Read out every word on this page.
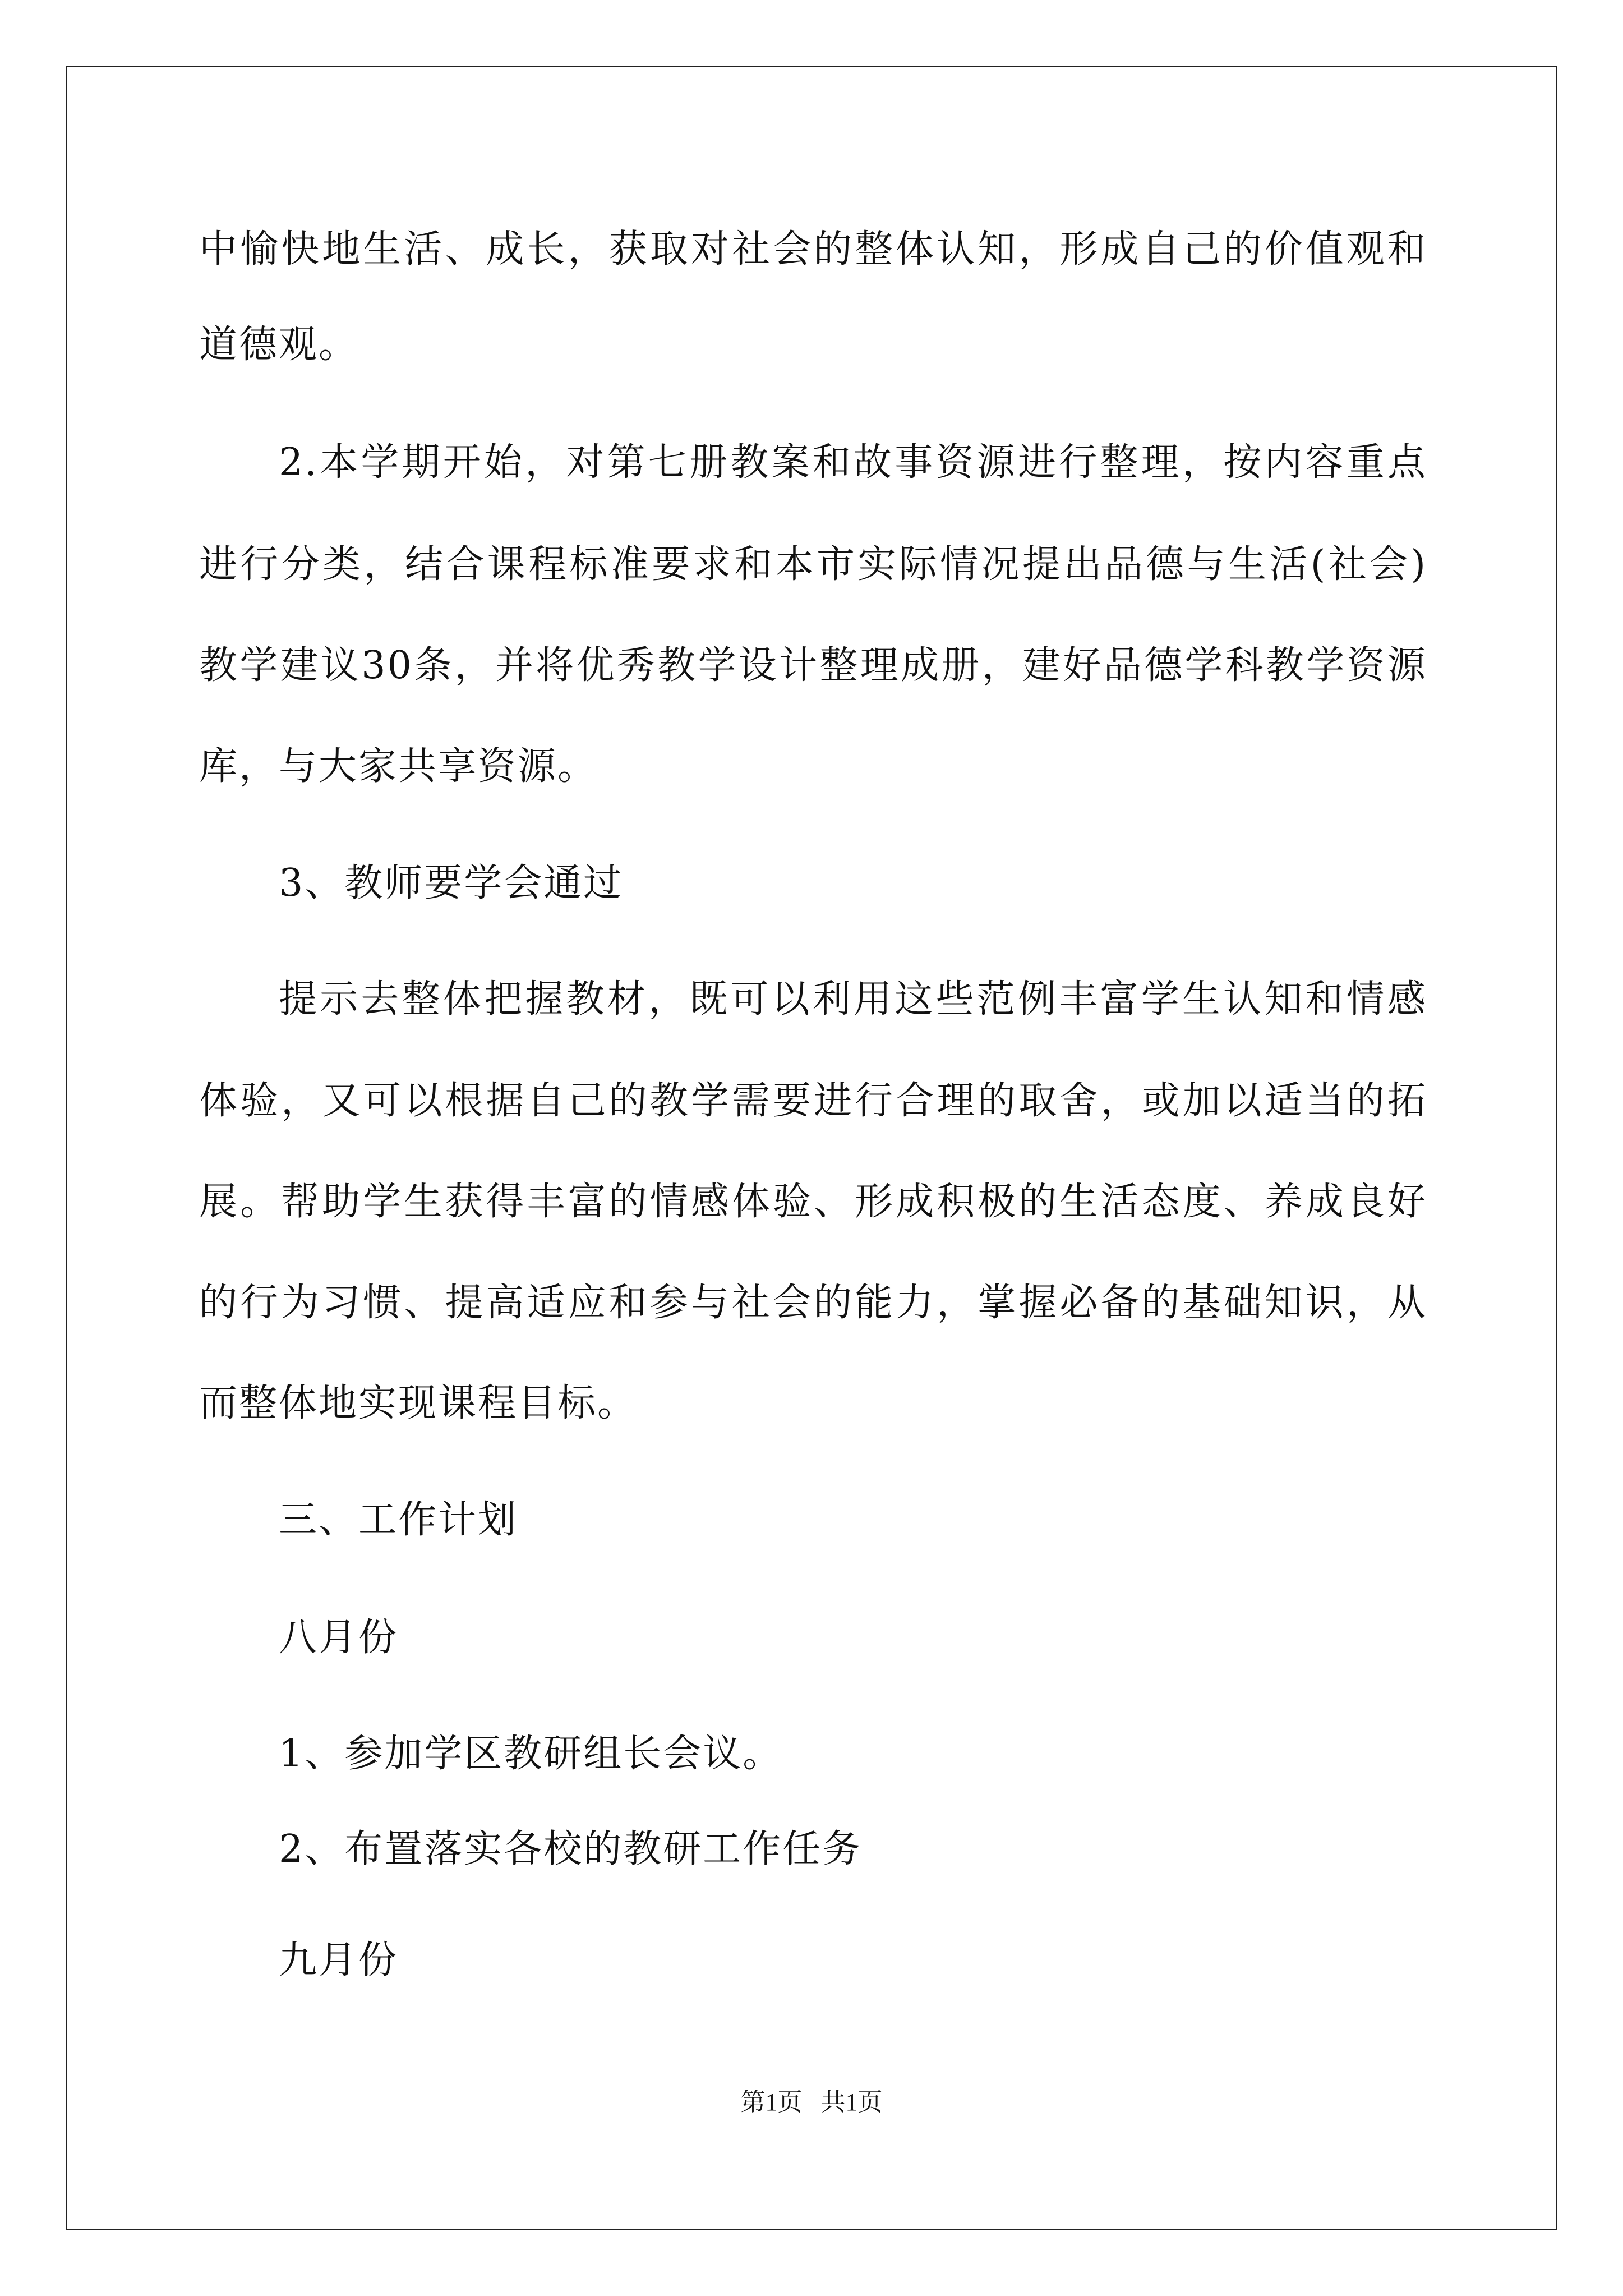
中愉快地生活、成长，获取对社会的整体认知，形成自己的价值观和

道德观。

2.本学期开始，对第七册教案和故事资源进行整理，按内容重点

进行分类，结合课程标准要求和本市实际情况提出品德与生活(社会)

教学建议30条，并将优秀教学设计整理成册，建好品德学科教学资源

库，与大家共享资源。

3、教师要学会通过

提示去整体把握教材，既可以利用这些范例丰富学生认知和情感

体验，又可以根据自己的教学需要进行合理的取舍，或加以适当的拓

展。帮助学生获得丰富的情感体验、形成积极的生活态度、养成良好

的行为习惯、提高适应和参与社会的能力，掌握必备的基础知识，从

而整体地实现课程目标。

三、工作计划

八月份

1、参加学区教研组长会议。

2、布置落实各校的教研工作任务

九月份

第1页   共1页
